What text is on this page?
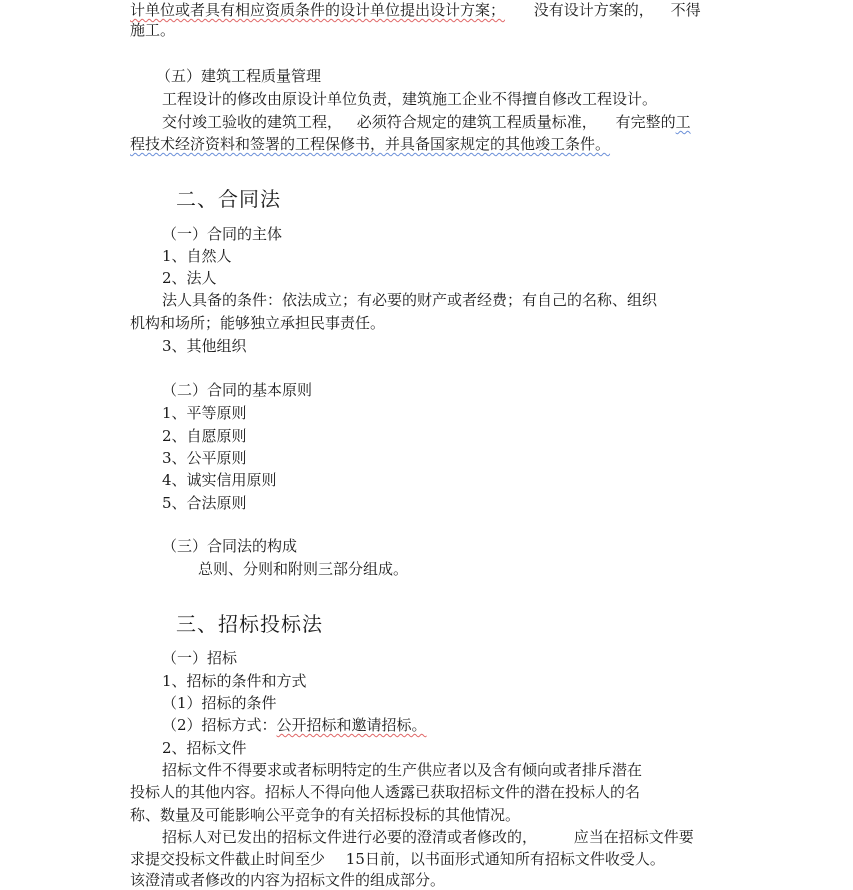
计单位或者具有相应资质条件的设计单位提出设计方案； 没有设计方案的， 不得
施工。
（五）建筑工程质量管理
工程设计的修改由原设计单位负责，建筑施工企业不得擅自修改工程设计。
交付竣工验收的建筑工程， 必须符合规定的建筑工程质量标准， 有完整的工
程技术经济资料和签署的工程保修书，并具备国家规定的其他竣工条件。
二、合同法
（一）合同的主体
1、自然人
2、法人
法人具备的条件：依法成立；有必要的财产或者经费；有自己的名称、组织
机构和场所；能够独立承担民事责任。
3、其他组织
（二）合同的基本原则
1、平等原则
2、自愿原则
3、公平原则
4、诚实信用原则
5、合法原则
（三）合同法的构成
总则、分则和附则三部分组成。
三、招标投标法
（一）招标
1、招标的条件和方式
（1）招标的条件
（2）招标方式：公开招标和邀请招标。
2、招标文件
招标文件不得要求或者标明特定的生产供应者以及含有倾向或者排斥潜在
投标人的其他内容。招标人不得向他人透露已获取招标文件的潜在投标人的名
称、数量及可能影响公平竞争的有关招标投标的其他情况。
招标人对已发出的招标文件进行必要的澄清或者修改的， 应当在招标文件要
求提交投标文件截止时间至少 15日前，以书面形式通知所有招标文件收受人。
该澄清或者修改的内容为招标文件的组成部分。
